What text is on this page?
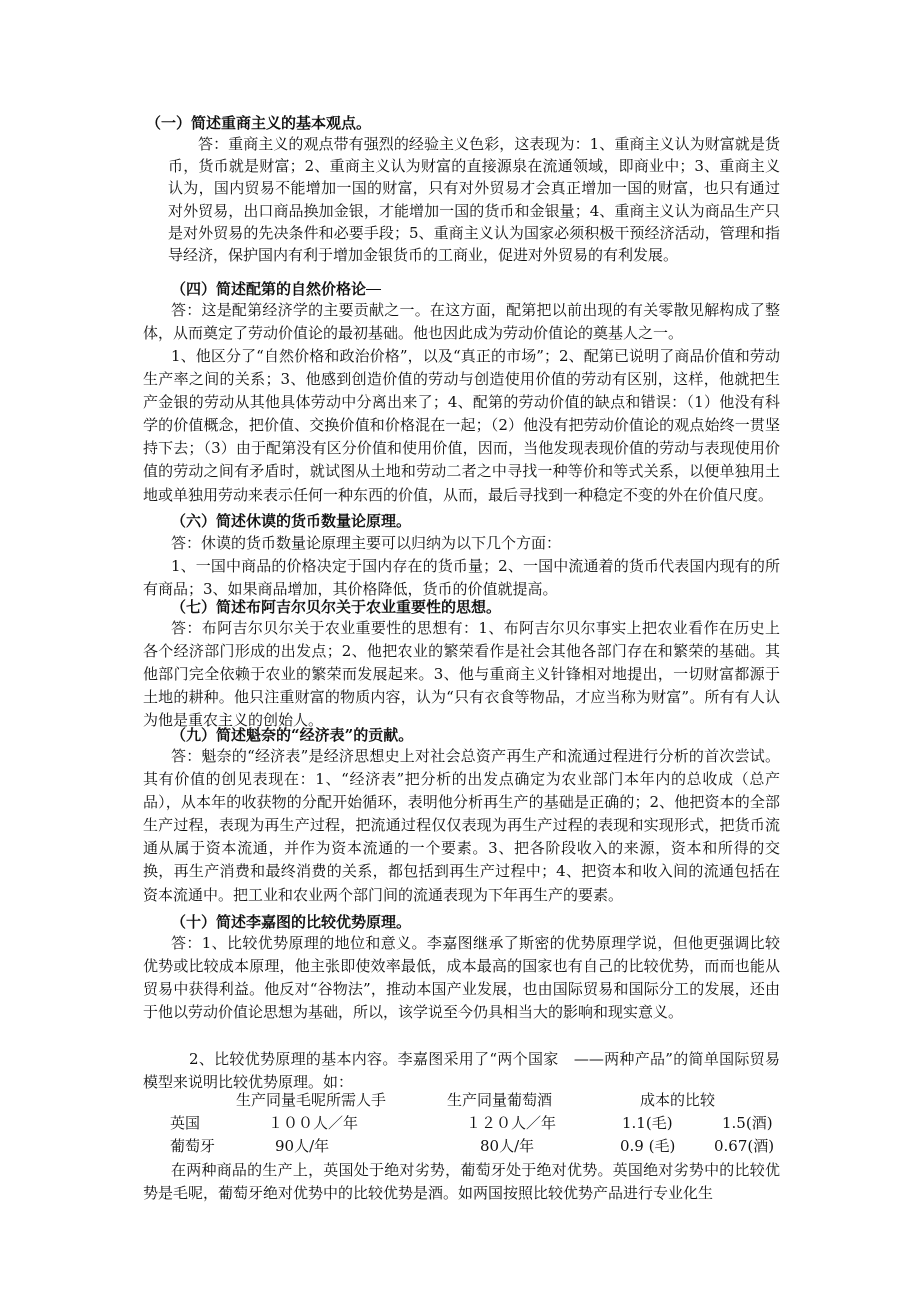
（一）简述重商主义的基本观点。
答：重商主义的观点带有强烈的经验主义色彩，这表现为：1、重商主义认为财富就是货币，货币就是财富；2、重商主义认为财富的直接源泉在流通领域，即商业中；3、重商主义认为，国内贸易不能增加一国的财富，只有对外贸易才会真正增加一国的财富，也只有通过对外贸易，出口商品换加金银，才能增加一国的货币和金银量；4、重商主义认为商品生产只是对外贸易的先决条件和必要手段；5、重商主义认为国家必须积极干预经济活动，管理和指导经济，保护国内有利于增加金银货币的工商业，促进对外贸易的有利发展。
（四）简述配第的自然价格论 
答：这是配第经济学的主要贡献之一。在这方面，配第把以前出现的有关零散见解构成了整体，从而奠定了劳动价值论的最初基础。他也因此成为劳动价值论的奠基人之一。
1、他区分了“自然价格和政治价格”，以及“真正的市场”；2、配第已说明了商品价值和劳动生产率之间的关系；3、他感到创造价值的劳动与创造使用价值的劳动有区别，这样，他就把生产金银的劳动从其他具体劳动中分离出来了；4、配第的劳动价值的缺点和错误：（1）他没有科学的价值概念，把价值、交换价值和价格混在一起；（2）他没有把劳动价值论的观点始终一贯坚持下去；（3）由于配第没有区分价值和使用价值，因而，当他发现表现价值的劳动与表现使用价值的劳动之间有矛盾时，就试图从土地和劳动二者之中寻找一种等价和等式关系，以便单独用土地或单独用劳动来表示任何一种东西的价值，从而，最后寻找到一种稳定不变的外在价值尺度。
（六）简述休谟的货币数量论原理。
答：休谟的货币数量论原理主要可以归纳为以下几个方面：
1、一国中商品的价格决定于国内存在的货币量；2、一国中流通着的货币代表国内现有的所有商品；3、如果商品增加，其价格降低，货币的价值就提高。
（七）简述布阿吉尔贝尔关于农业重要性的思想。
答：布阿吉尔贝尔关于农业重要性的思想有：1、布阿吉尔贝尔事实上把农业看作在历史上各个经济部门形成的出发点；2、他把农业的繁荣看作是社会其他各部门存在和繁荣的基础。其他部门完全依赖于农业的繁荣而发展起来。3、他与重商主义针锋相对地提出，一切财富都源于土地的耕种。他只注重财富的物质内容，认为“只有衣食等物品，才应当称为财富”。所有有人认为他是重农主义的创始人。
（九）简述魁奈的“经济表”的贡献。
答：魁奈的“经济表”是经济思想史上对社会总资产再生产和流通过程进行分析的首次尝试。其有价值的创见表现在：1、“经济表”把分析的出发点确定为农业部门本年内的总收成（总产品），从本年的收获物的分配开始循环，表明他分析再生产的基础是正确的；2、他把资本的全部生产过程，表现为再生产过程，把流通过程仅仅表现为再生产过程的表现和实现形式，把货币流通从属于资本流通，并作为资本流通的一个要素。3、把各阶段收入的来源，资本和所得的交换，再生产消费和最终消费的关系，都包括到再生产过程中；4、把资本和收入间的流通包括在资本流通中。把工业和农业两个部门间的流通表现为下年再生产的要素。
（十）简述李嘉图的比较优势原理。
答：1、比较优势原理的地位和意义。李嘉图继承了斯密的优势原理学说，但他更强调比较优势或比较成本原理，他主张即使效率最低，成本最高的国家也有自己的比较优势，而而也能从贸易中获得利益。他反对“谷物法”，推动本国产业发展，也由国际贸易和国际分工的发展，还由于他以劳动价值论思想为基础，所以，该学说至今仍具相当大的影响和现实意义。
2、比较优势原理的基本内容。李嘉图采用了“两个国家　——两种产品”的简单国际贸易模型来说明比较优势原理。如：
生产同量毛呢所需人手	生产同量葡萄酒	成本的比较
英国	１００人／年	１２０人／年	1.1(毛)	1.5(酒)
葡萄牙	90人/年	80人/年	0.9 (毛)	0.67(酒)
在两种商品的生产上，英国处于绝对劣势，葡萄牙处于绝对优势。英国绝对劣势中的比较优势是毛呢，葡萄牙绝对优势中的比较优势是酒。如两国按照比较优势产品进行专业化生
